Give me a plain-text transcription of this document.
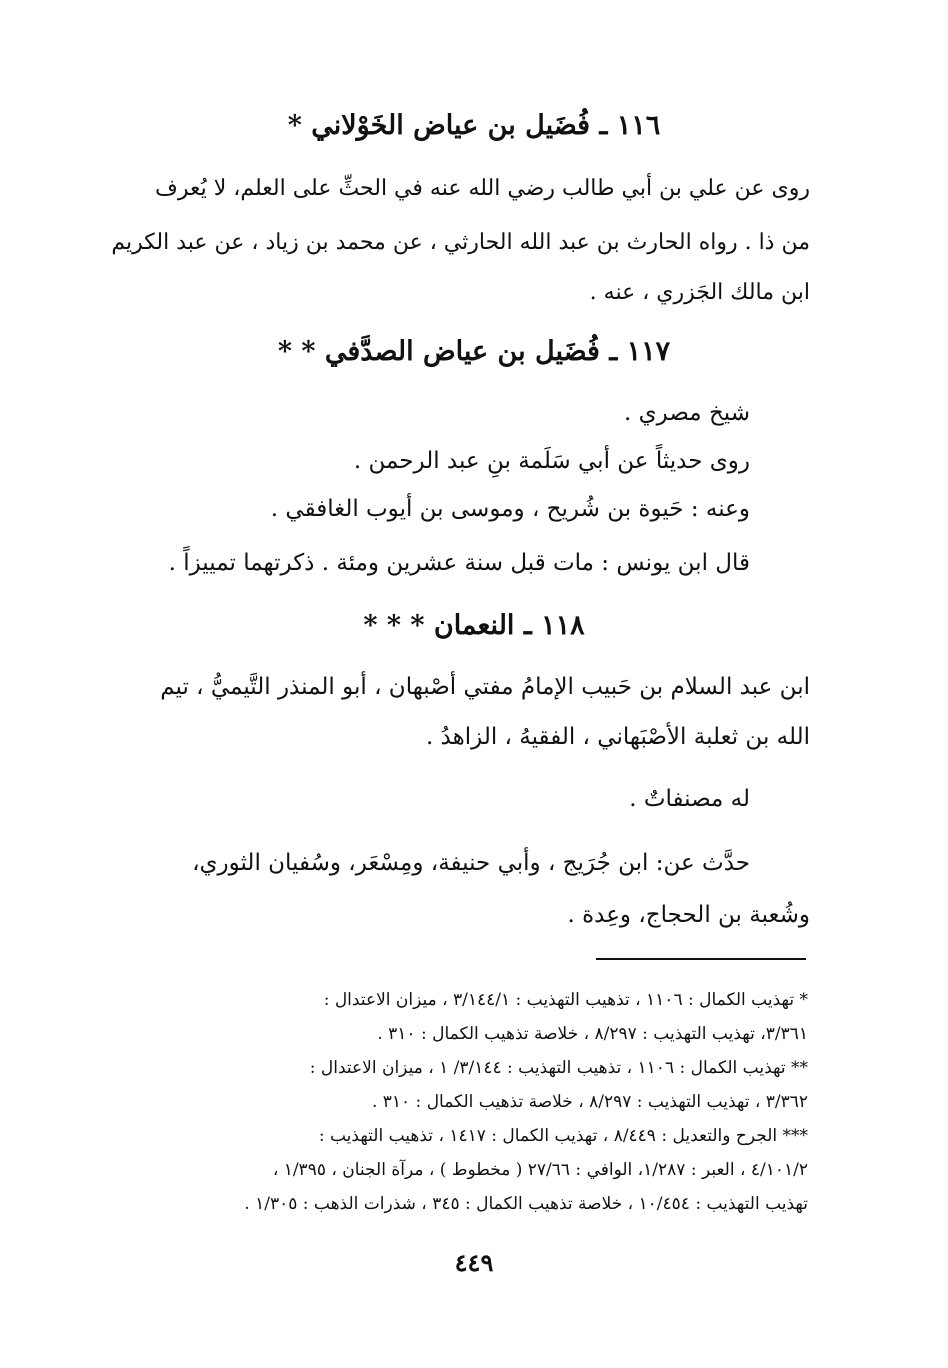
١١٦ ـ فُضَيل بن عياض الخَوْلاني *
روى عن علي بن أبي طالب رضي الله عنه في الحثِّ على العلم، لا يُعرف
من ذا . رواه الحارث بن عبد الله الحارثي ، عن محمد بن زياد ، عن عبد الكريم
ابن مالك الجَزري ، عنه .
١١٧ ـ فُضَيل بن عياض الصدَّفي * *
شيخ مصري .
روى حديثاً عن أبي سَلَمة بنِ عبد الرحمن .
وعنه : حَيوة بن شُريح ، وموسى بن أيوب الغافقي .
قال ابن يونس : مات قبل سنة عشرين ومئة . ذكرتهما تمييزاً .
١١٨ ـ النعمان * * *
ابن عبد السلام بن حَبيب الإمامُ مفتي أصْبهان ، أبو المنذر التَّيميُّ ، تيم
الله بن ثعلبة الأصْبَهاني ، الفقيهُ ، الزاهدُ .
له مصنفاتٌ .
حدَّث عن: ابن جُرَيج ، وأبي حنيفة، ومِسْعَر، وسُفيان الثوري،
وشُعبة بن الحجاج، وعِدة .
* تهذيب الكمال : ١١٠٦ ، تذهيب التهذيب : ٣/١٤٤/١ ، ميزان الاعتدال :
٣/٣٦١، تهذيب التهذيب : ٨/٢٩٧ ، خلاصة تذهيب الكمال : ٣١٠ .
** تهذيب الكمال : ١١٠٦ ، تذهيب التهذيب : ٣/١٤٤/ ١ ، ميزان الاعتدال :
٣/٣٦٢ ، تهذيب التهذيب : ٨/٢٩٧ ، خلاصة تذهيب الكمال : ٣١٠ .
*** الجرح والتعديل : ٨/٤٤٩ ، تهذيب الكمال : ١٤١٧ ، تذهيب التهذيب :
٤/١٠١/٢ ، العبر : ١/٢٨٧، الوافي : ٢٧/٦٦ ( مخطوط ) ، مرآة الجنان ، ١/٣٩٥ ،
تهذيب التهذيب : ١٠/٤٥٤ ، خلاصة تذهيب الكمال : ٣٤٥ ، شذرات الذهب : ١/٣٠٥ .
٤٤٩
